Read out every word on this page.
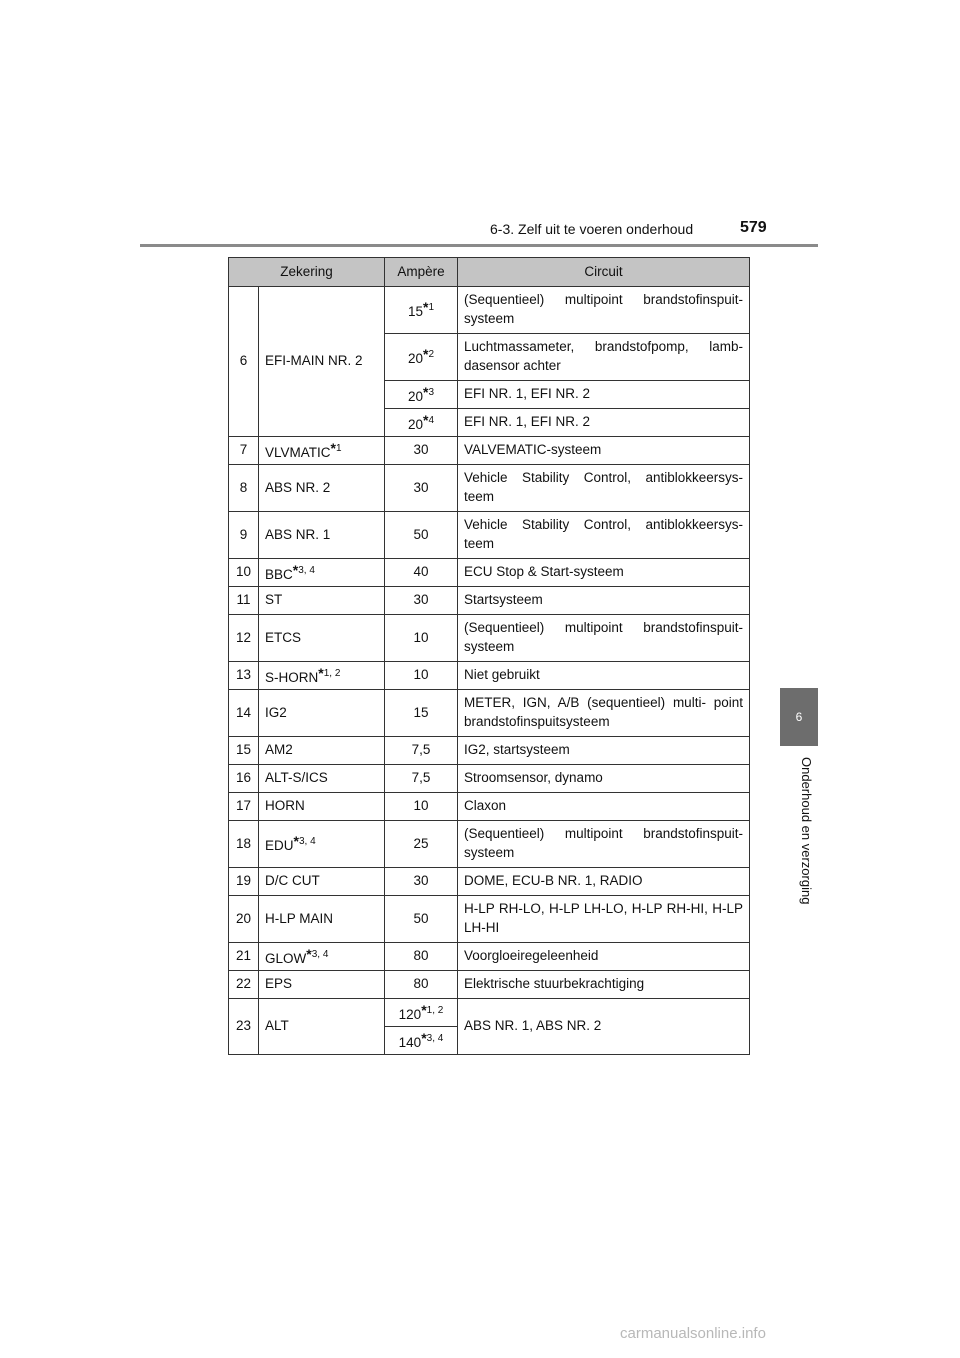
6-3. Zelf uit te voeren onderhoud	579
6
Onderhoud en verzorging
Zekering		Ampère	Circuit
6	EFI-MAIN NR. 2	15*$^1$	(Sequentieel) multipoint brandstofinspuit- systeem
		20*$^2$	Luchtmassameter, brandstofpomp, lamb- dasensor achter
		20*$^3$	EFI NR. 1, EFI NR. 2
		20*$^4$	EFI NR. 1, EFI NR. 2
7	VLVMATIC*$^1$	30	VALVEMATIC-systeem
8	ABS NR. 2	30	Vehicle Stability Control, antiblokkeersys- teem
9	ABS NR. 1	50	Vehicle Stability Control, antiblokkeersys- teem
10	BBC*$^{3, 4}$	40	ECU Stop & Start-systeem
11	ST	30	Startsysteem
12	ETCS	10	(Sequentieel) multipoint brandstofinspuit- systeem
13	S-HORN*$^{1, 2}$	10	Niet gebruikt
14	IG2	15	METER, IGN, A/B (sequentieel) multi- point brandstofinspuitsysteem
15	AM2	7,5	IG2, startsysteem
16	ALT-S/ICS	7,5	Stroomsensor, dynamo
17	HORN	10	Claxon
18	EDU*$^{3, 4}$	25	(Sequentieel) multipoint brandstofinspuit- systeem
19	D/C CUT	30	DOME, ECU-B NR. 1, RADIO
20	H-LP MAIN	50	H-LP RH-LO, H-LP LH-LO, H-LP RH-HI, H-LP LH-HI
21	GLOW*$^{3, 4}$	80	Voorgloeiregeleenheid
22	EPS	80	Elektrische stuurbekrachtiging
23	ALT	120*$^{1, 2}$	ABS NR. 1, ABS NR. 2
		140*$^{3, 4}$
carmanualsonline.info
